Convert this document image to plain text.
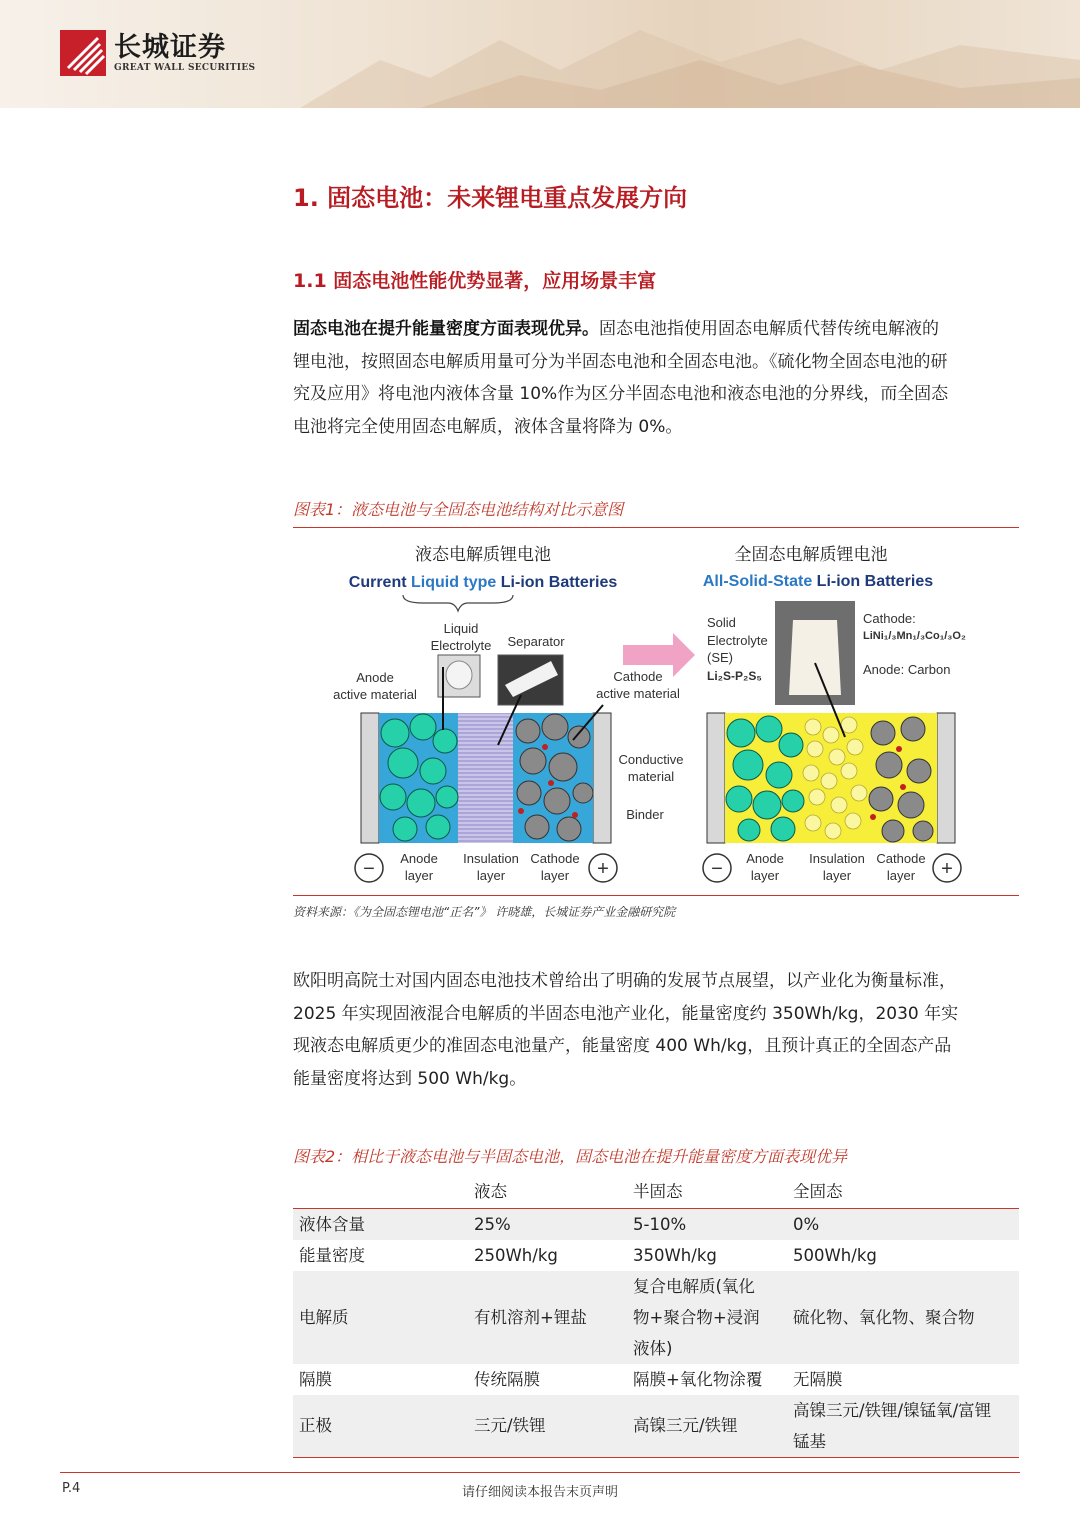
长城证券
GREAT WALL SECURITIES
1. 固态电池：未来锂电重点发展方向
1.1 固态电池性能优势显著，应用场景丰富
固态电池在提升能量密度方面表现优异。固态电池指使用固态电解质代替传统电解液的
锂电池，按照固态电解质用量可分为半固态电池和全固态电池。《硫化物全固态电池的研
究及应用》将电池内液体含量 10%作为区分半固态电池和液态电池的分界线，而全固态
电池将完全使用固态电解质，液体含量将降为 0%。
图表1：液态电池与全固态电池结构对比示意图
液态电解质锂电池
Current Liquid type Li-ion Batteries
全固态电解质锂电池
All-Solid-State Li-ion Batteries
Liquid
Electrolyte Separator
Anode
active material
Cathode
active material
Conductive
material
Binder
−	+
Anode
layer
Insulation
layer
Cathode
layer
Solid
Electrolyte
(SE)
Li₂S-P₂S₅
Cathode:
LiNi₁/₃Mn₁/₃Co₁/₃O₂
Anode: Carbon
−	+
Anode
layer
Insulation
layer
Cathode
layer
资料来源：《为全固态锂电池“正名”》 许晓雄，长城证券产业金融研究院
欧阳明高院士对国内固态电池技术曾给出了明确的发展节点展望，以产业化为衡量标准，
2025 年实现固液混合电解质的半固态电池产业化，能量密度约 350Wh/kg，2030 年实
现液态电解质更少的准固态电池量产，能量密度 400 Wh/kg，且预计真正的全固态产品
能量密度将达到 500 Wh/kg。
图表2：相比于液态电池与半固态电池，固态电池在提升能量密度方面表现优异
	液态	半固态	全固态
液体含量	25%	5-10%	0%
能量密度	250Wh/kg	350Wh/kg	500Wh/kg
电解质	有机溶剂+锂盐	复合电解质(氧化
物+聚合物+浸润
液体)	硫化物、氧化物、聚合物
隔膜	传统隔膜	隔膜+氧化物涂覆	无隔膜
正极	三元/铁锂	高镍三元/铁锂	高镍三元/铁锂/镍锰氧/富锂
锰基
请仔细阅读本报告末页声明
P.4
